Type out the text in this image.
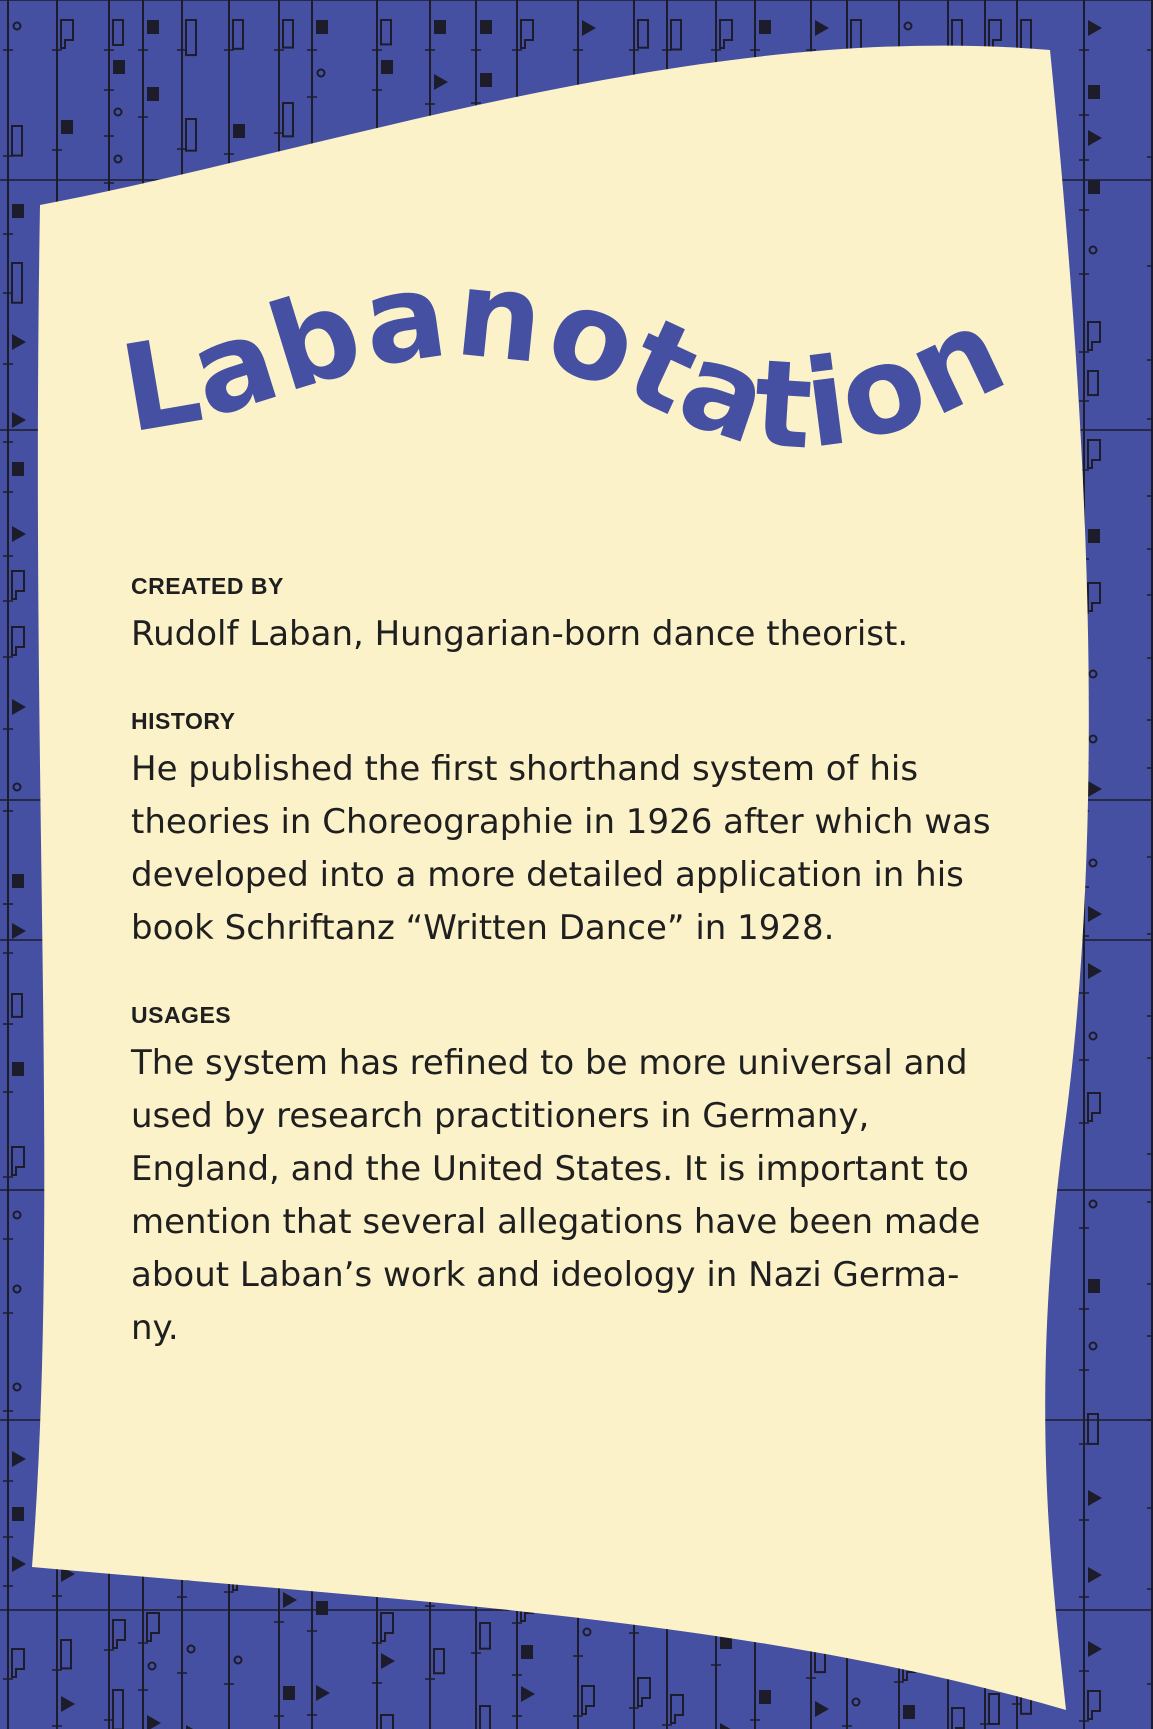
Labanotation

CREATED BY

Rudolf Laban, Hungarian-born dance theorist.

HISTORY

He published the first shorthand system of his
theories in Choreographie in 1926 after which was
developed into a more detailed application in his
book Schriftanz “Written Dance” in 1928.

USAGES

The system has refined to be more universal and
used by research practitioners in Germany,
England, and the United States. It is important to
mention that several allegations have been made
about Laban’s work and ideology in Nazi Germa-
ny.
